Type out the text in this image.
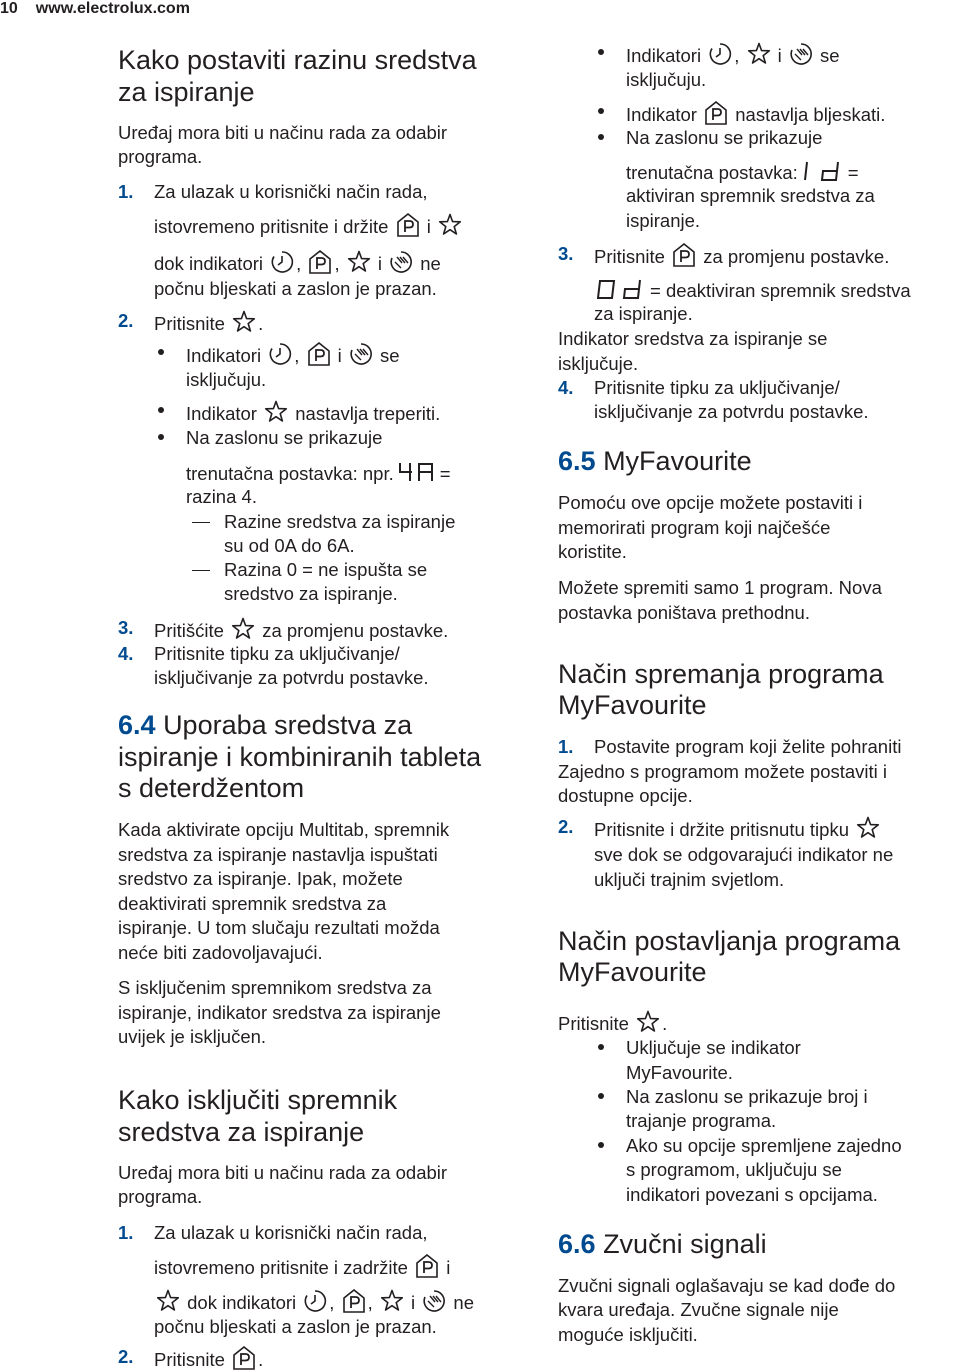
10 www.electrolux.com
Kako postaviti razinu sredstva
za ispiranje
Uređaj mora biti u načinu rada za odabir
programa.
1. Za ulazak u korisnički način rada,
istovremeno pritisnite i držite i
dok indikatori , , i ne
počnu bljeskati a zaslon je prazan.
2. Pritisnite .
Indikatori , i se
isključuju.
Indikator nastavlja treperiti.
Na zaslonu se prikazuje
trenutačna postavka: npr. =
razina 4.
Razine sredstva za ispiranje
su od 0A do 6A.
Razina 0 = ne ispušta se
sredstvo za ispiranje.
3. Pritišćite za promjenu postavke.
4. Pritisnite tipku za uključivanje/
isključivanje za potvrdu postavke.
6.4 Uporaba sredstva za
ispiranje i kombiniranih tableta
s deterdžentom
Kada aktivirate opciju Multitab, spremnik
sredstva za ispiranje nastavlja ispuštati
sredstvo za ispiranje. Ipak, možete
deaktivirati spremnik sredstva za
ispiranje. U tom slučaju rezultati možda
neće biti zadovoljavajući.
S isključenim spremnikom sredstva za
ispiranje, indikator sredstva za ispiranje
uvijek je isključen.
Kako isključiti spremnik
sredstva za ispiranje
Uređaj mora biti u načinu rada za odabir
programa.
1. Za ulazak u korisnički način rada,
istovremeno pritisnite i zadržite i
dok indikatori , , i ne
počnu bljeskati a zaslon je prazan.
2. Pritisnite .
Indikatori , i se
isključuju.
Indikator nastavlja bljeskati.
Na zaslonu se prikazuje
trenutačna postavka:	=
aktiviran spremnik sredstva za
ispiranje.
3. Pritisnite za promjenu postavke.
= deaktiviran spremnik sredstva
za ispiranje.
Indikator sredstva za ispiranje se
isključuje.
4. Pritisnite tipku za uključivanje/
isključivanje za potvrdu postavke.
6.5 MyFavourite
Pomoću ove opcije možete postaviti i
memorirati program koji najčešće
koristite.
Možete spremiti samo 1 program. Nova
postavka poništava prethodnu.
Način spremanja programa
MyFavourite
1. Postavite program koji želite pohraniti
Zajedno s programom možete postaviti i
dostupne opcije.
2. Pritisnite i držite pritisnutu tipku
sve dok se odgovarajući indikator ne
uključi trajnim svjetlom.
Način postavljanja programa
MyFavourite
Pritisnite .
Uključuje se indikator
MyFavourite.
Na zaslonu se prikazuje broj i
trajanje programa.
Ako su opcije spremljene zajedno
s programom, uključuju se
indikatori povezani s opcijama.
6.6 Zvučni signali
Zvučni signali oglašavaju se kad dođe do
kvara uređaja. Zvučne signale nije
moguće isključiti.
